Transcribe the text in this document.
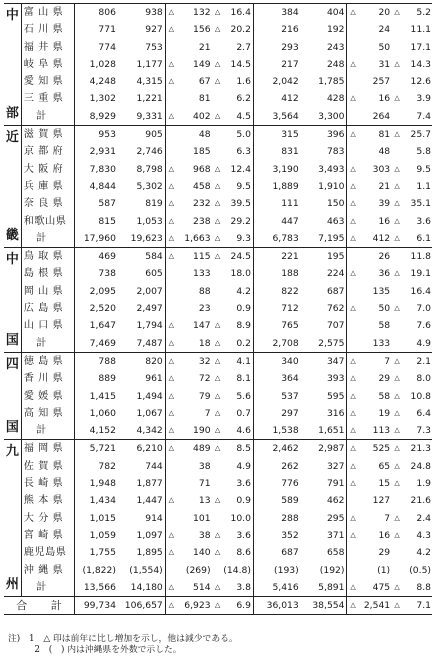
中
部	富 山 県	806	938	△	132	△	16.4	384	404	△	20	△	5.2
	石 川 県	771	927	△	156	△	20.2	216	192		24		11.1
	福 井 県	774	753		21		2.7	293	243		50		17.1
	岐 阜 県	1,028	1,177	△	149	△	14.5	217	248	△	31	△	14.3
	愛 知 県	4,248	4,315	△	67	△	1.6	2,042	1,785		257		12.6
	三 重 県	1,302	1,221		81		6.2	412	428	△	16	△	3.9
	計	8,929	9,331	△	402	△	4.5	3,564	3,300		264		7.4

近
畿	滋 賀 県	953	905		48		5.0	315	396	△	81	△	25.7
	京 都 府	2,931	2,746		185		6.3	831	783		48		5.8
	大 阪 府	7,830	8,798	△	968	△	12.4	3,190	3,493	△	303	△	9.5
	兵 庫 県	4,844	5,302	△	458	△	9.5	1,889	1,910	△	21	△	1.1
	奈 良 県	587	819	△	232	△	39.5	111	150	△	39	△	35.1
	和歌山県	815	1,053	△	238	△	29.2	447	463	△	16	△	3.6
	計	17,960	19,623	△	1,663	△	9.3	6,783	7,195	△	412	△	6.1

中
国	鳥 取 県	469	584	△	115	△	24.5	221	195		26		11.8
	島 根 県	738	605		133		18.0	188	224	△	36	△	19.1
	岡 山 県	2,095	2,007		88		4.2	822	687		135		16.4
	広 島 県	2,520	2,497		23		0.9	712	762	△	50	△	7.0
	山 口 県	1,647	1,794	△	147	△	8.9	765	707		58		7.6
	計	7,469	7,487	△	18	△	0.2	2,708	2,575		133		4.9

四
国	徳 島 県	788	820	△	32	△	4.1	340	347	△	7	△	2.1
	香 川 県	889	961	△	72	△	8.1	364	393	△	29	△	8.0
	愛 媛 県	1,415	1,494	△	79	△	5.6	537	595	△	58	△	10.8
	高 知 県	1,060	1,067	△	7	△	0.7	297	316	△	19	△	6.4
	計	4,152	4,342	△	190	△	4.6	1,538	1,651	△	113	△	7.3

九
州	福 岡 県	5,721	6,210	△	489	△	8.5	2,462	2,987	△	525	△	21.3
	佐 賀 県	782	744		38		4.9	262	327	△	65	△	24.8
	長 崎 県	1,948	1,877		71		3.6	776	791	△	15	△	1.9
	熊 本 県	1,434	1,447	△	13	△	0.9	589	462		127		21.6
	大 分 県	1,015	914		101		10.0	288	295	△	7	△	2.4
	宮 崎 県	1,059	1,097	△	38	△	3.6	352	371	△	16	△	4.3
	鹿児島県	1,755	1,895	△	140	△	8.6	687	658		29		4.2
	沖 縄 県	(1,822)	(1,554)		(269)		(14.8)	(193)	(192)		(1)		(0.5)
	計	13,566	14,180	△	514	△	3.8	5,416	5,891	△	475	△	8.8
合　　計		99,734	106,657	△	6,923	△	6.9	36,013	38,554	△	2,541	△	7.1
注)　1　△ 印は前年に比し増加を示し，他は減少である。
　　　2　(　) 内は沖縄県を外数で示した。
